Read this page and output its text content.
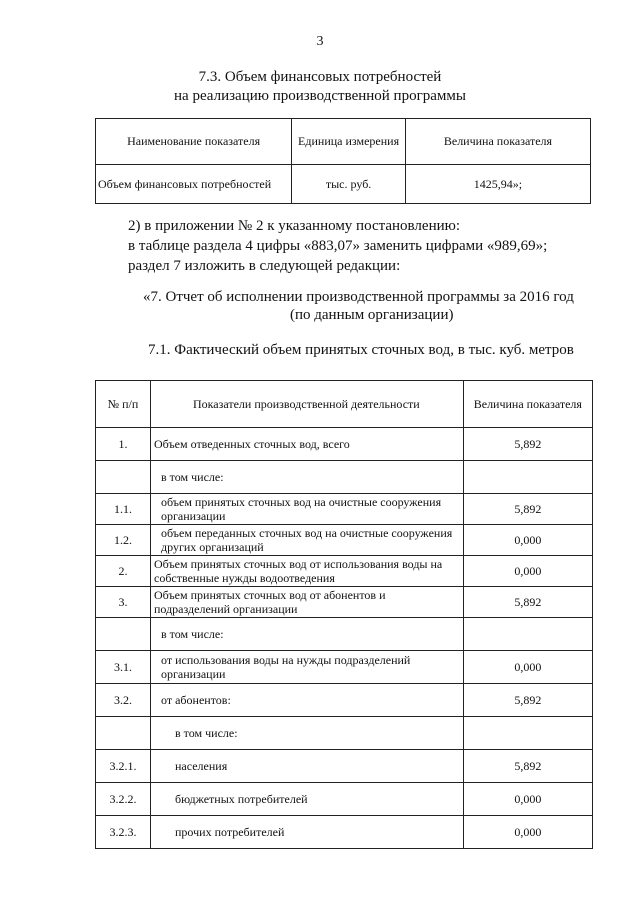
3
7.3. Объем финансовых потребностей
на реализацию производственной программы
Наименование показателя	Единица измерения	Величина показателя
Объем финансовых потребностей	тыс. руб.	1425,94»;
2) в приложении № 2 к указанному постановлению:
в таблице раздела 4 цифры «883,07» заменить цифрами «989,69»;
раздел 7 изложить в следующей редакции:
«7. Отчет об исполнении производственной программы за 2016 год
(по данным организации)
7.1. Фактический объем принятых сточных вод, в тыс. куб. метров
№ п/п	Показатели производственной деятельности	Величина показателя
1.	Объем отведенных сточных вод, всего	5,892
	в том числе:	
1.1.	объем принятых сточных вод на очистные сооружения организации	5,892
1.2.	объем переданных сточных вод на очистные сооружения других организаций	0,000
2.	Объем принятых сточных вод от использования воды на собственные нужды водоотведения	0,000
3.	Объем принятых сточных вод от абонентов и подразделений организации	5,892
	в том числе:	
3.1.	от использования воды на нужды подразделений организации	0,000
3.2.	от абонентов:	5,892
	в том числе:	
3.2.1.	населения	5,892
3.2.2.	бюджетных потребителей	0,000
3.2.3.	прочих потребителей	0,000
